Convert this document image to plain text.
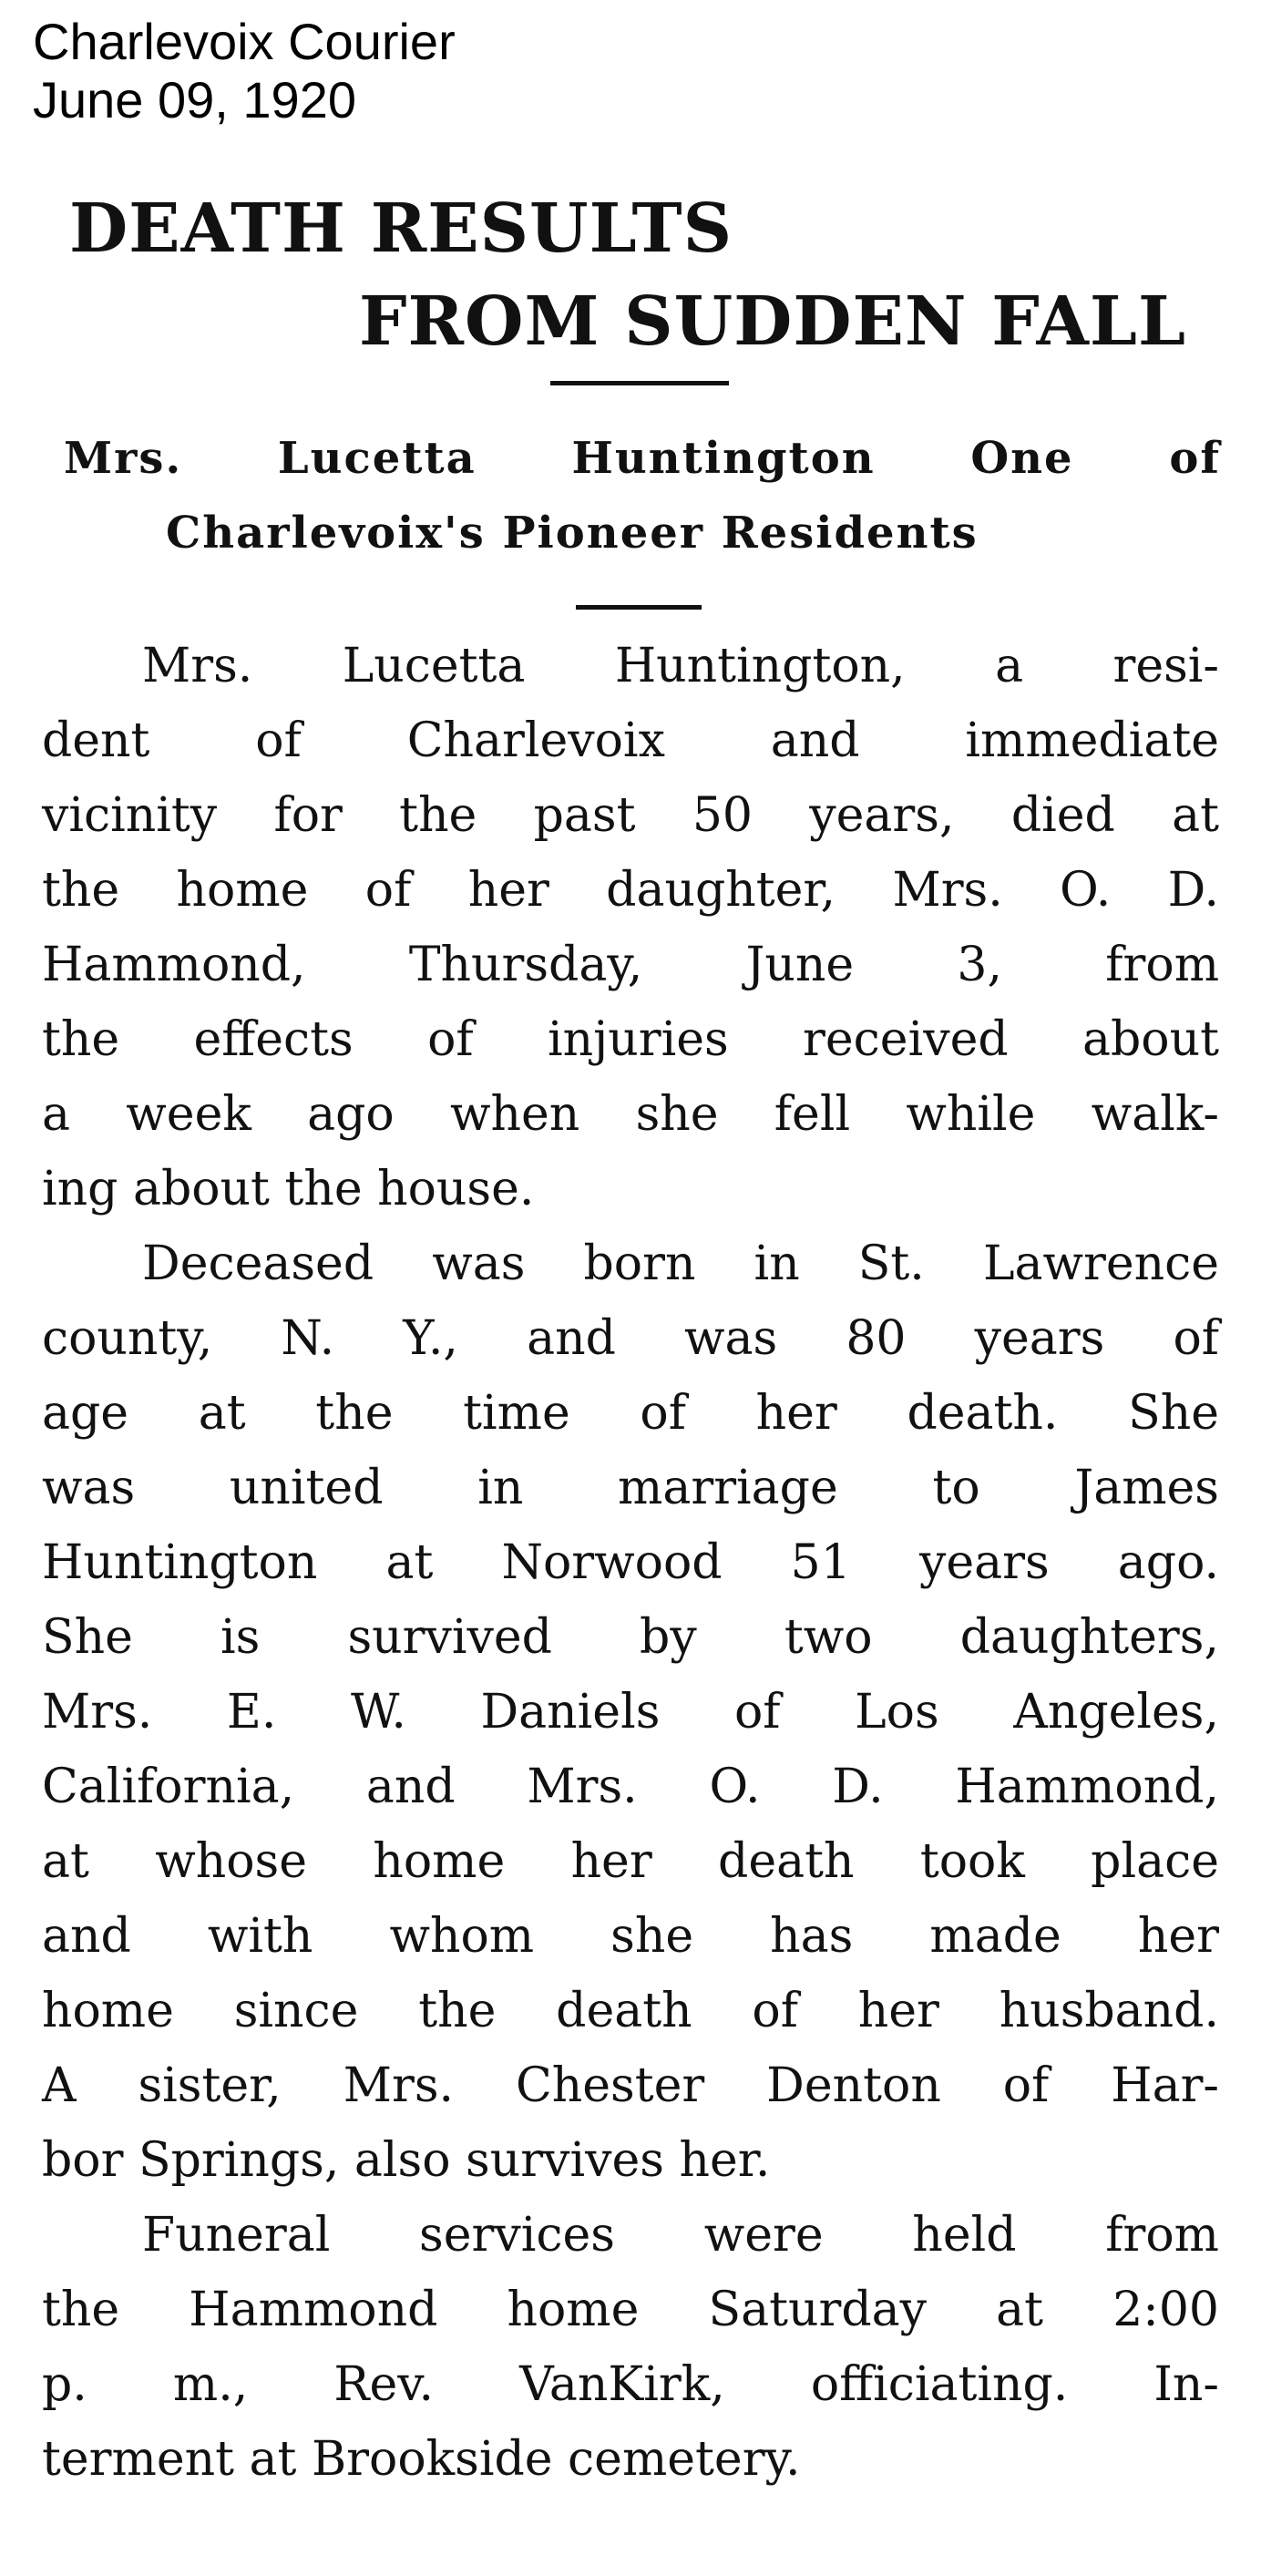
Charlevoix Courier
June 09, 1920
DEATH RESULTS
FROM SUDDEN FALL
Mrs. Lucetta Huntington One of
Charlevoix's Pioneer Residents
Mrs. Lucetta Huntington, a resi-
dent of Charlevoix and immediate
vicinity for the past 50 years, died at
the home of her daughter, Mrs. O. D.
Hammond, Thursday, June 3, from
the effects of injuries received about
a week ago when she fell while walk-
ing about the house.
Deceased was born in St. Lawrence
county, N. Y., and was 80 years of
age at the time of her death. She
was united in marriage to James
Huntington at Norwood 51 years ago.
She is survived by two daughters,
Mrs. E. W. Daniels of Los Angeles,
California, and Mrs. O. D. Hammond,
at whose home her death took place
and with whom she has made her
home since the death of her husband.
A sister, Mrs. Chester Denton of Har-
bor Springs, also survives her.
Funeral services were held from
the Hammond home Saturday at 2:00
p. m., Rev. VanKirk, officiating. In-
terment at Brookside cemetery.
